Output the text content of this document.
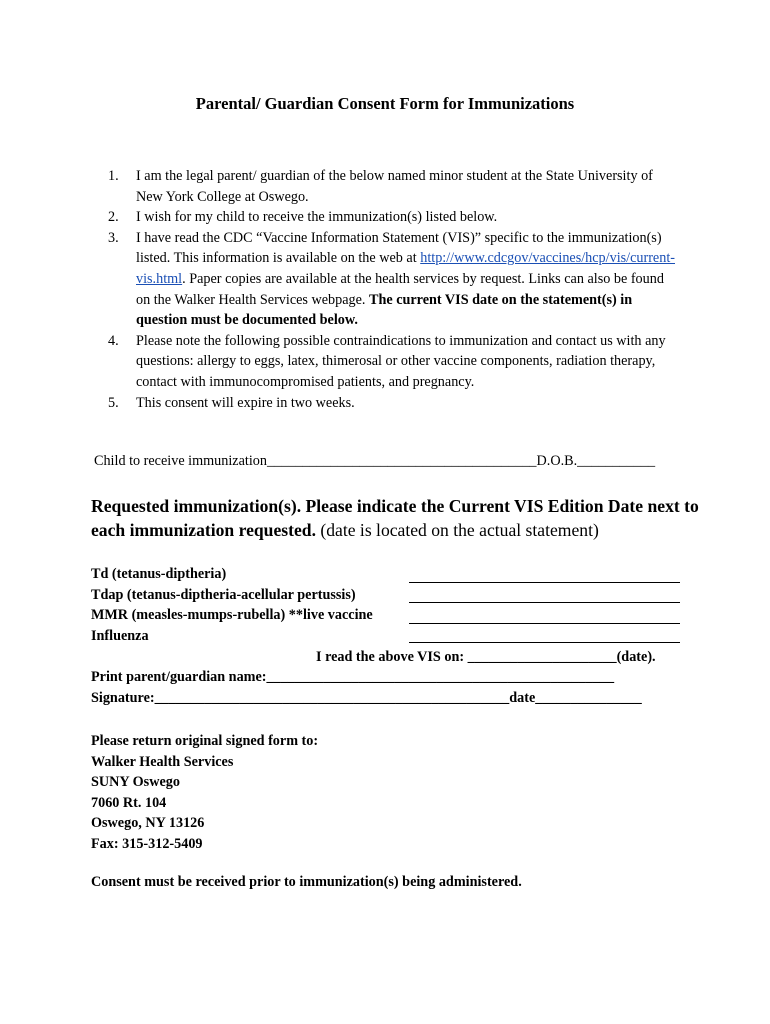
Parental/ Guardian Consent Form for Immunizations
1. I am the legal parent/ guardian of the below named minor student at the State University of New York College at Oswego.
2. I wish for my child to receive the immunization(s) listed below.
3. I have read the CDC “Vaccine Information Statement (VIS)” specific to the immunization(s) listed. This information is available on the web at http://www.cdcgov/vaccines/hcp/vis/current-vis.html. Paper copies are available at the health services by request. Links can also be found on the Walker Health Services webpage. The current VIS date on the statement(s) in question must be documented below.
4. Please note the following possible contraindications to immunization and contact us with any questions: allergy to eggs, latex, thimerosal or other vaccine components, radiation therapy, contact with immunocompromised patients, and pregnancy.
5. This consent will expire in two weeks.
Child to receive immunization______________________________________D.O.B.___________
Requested immunization(s). Please indicate the Current VIS Edition Date next to each immunization requested. (date is located on the actual statement)
Td (tetanus-diptheria)
Tdap (tetanus-diptheria-acellular pertussis)
MMR (measles-mumps-rubella) **live vaccine
Influenza
I read the above VIS on: _____________________(date).
Print parent/guardian name:_________________________________________________
Signature:__________________________________________________date_______________
Please return original signed form to:
Walker Health Services
SUNY Oswego
7060 Rt. 104
Oswego, NY 13126
Fax: 315-312-5409
Consent must be received prior to immunization(s) being administered.
